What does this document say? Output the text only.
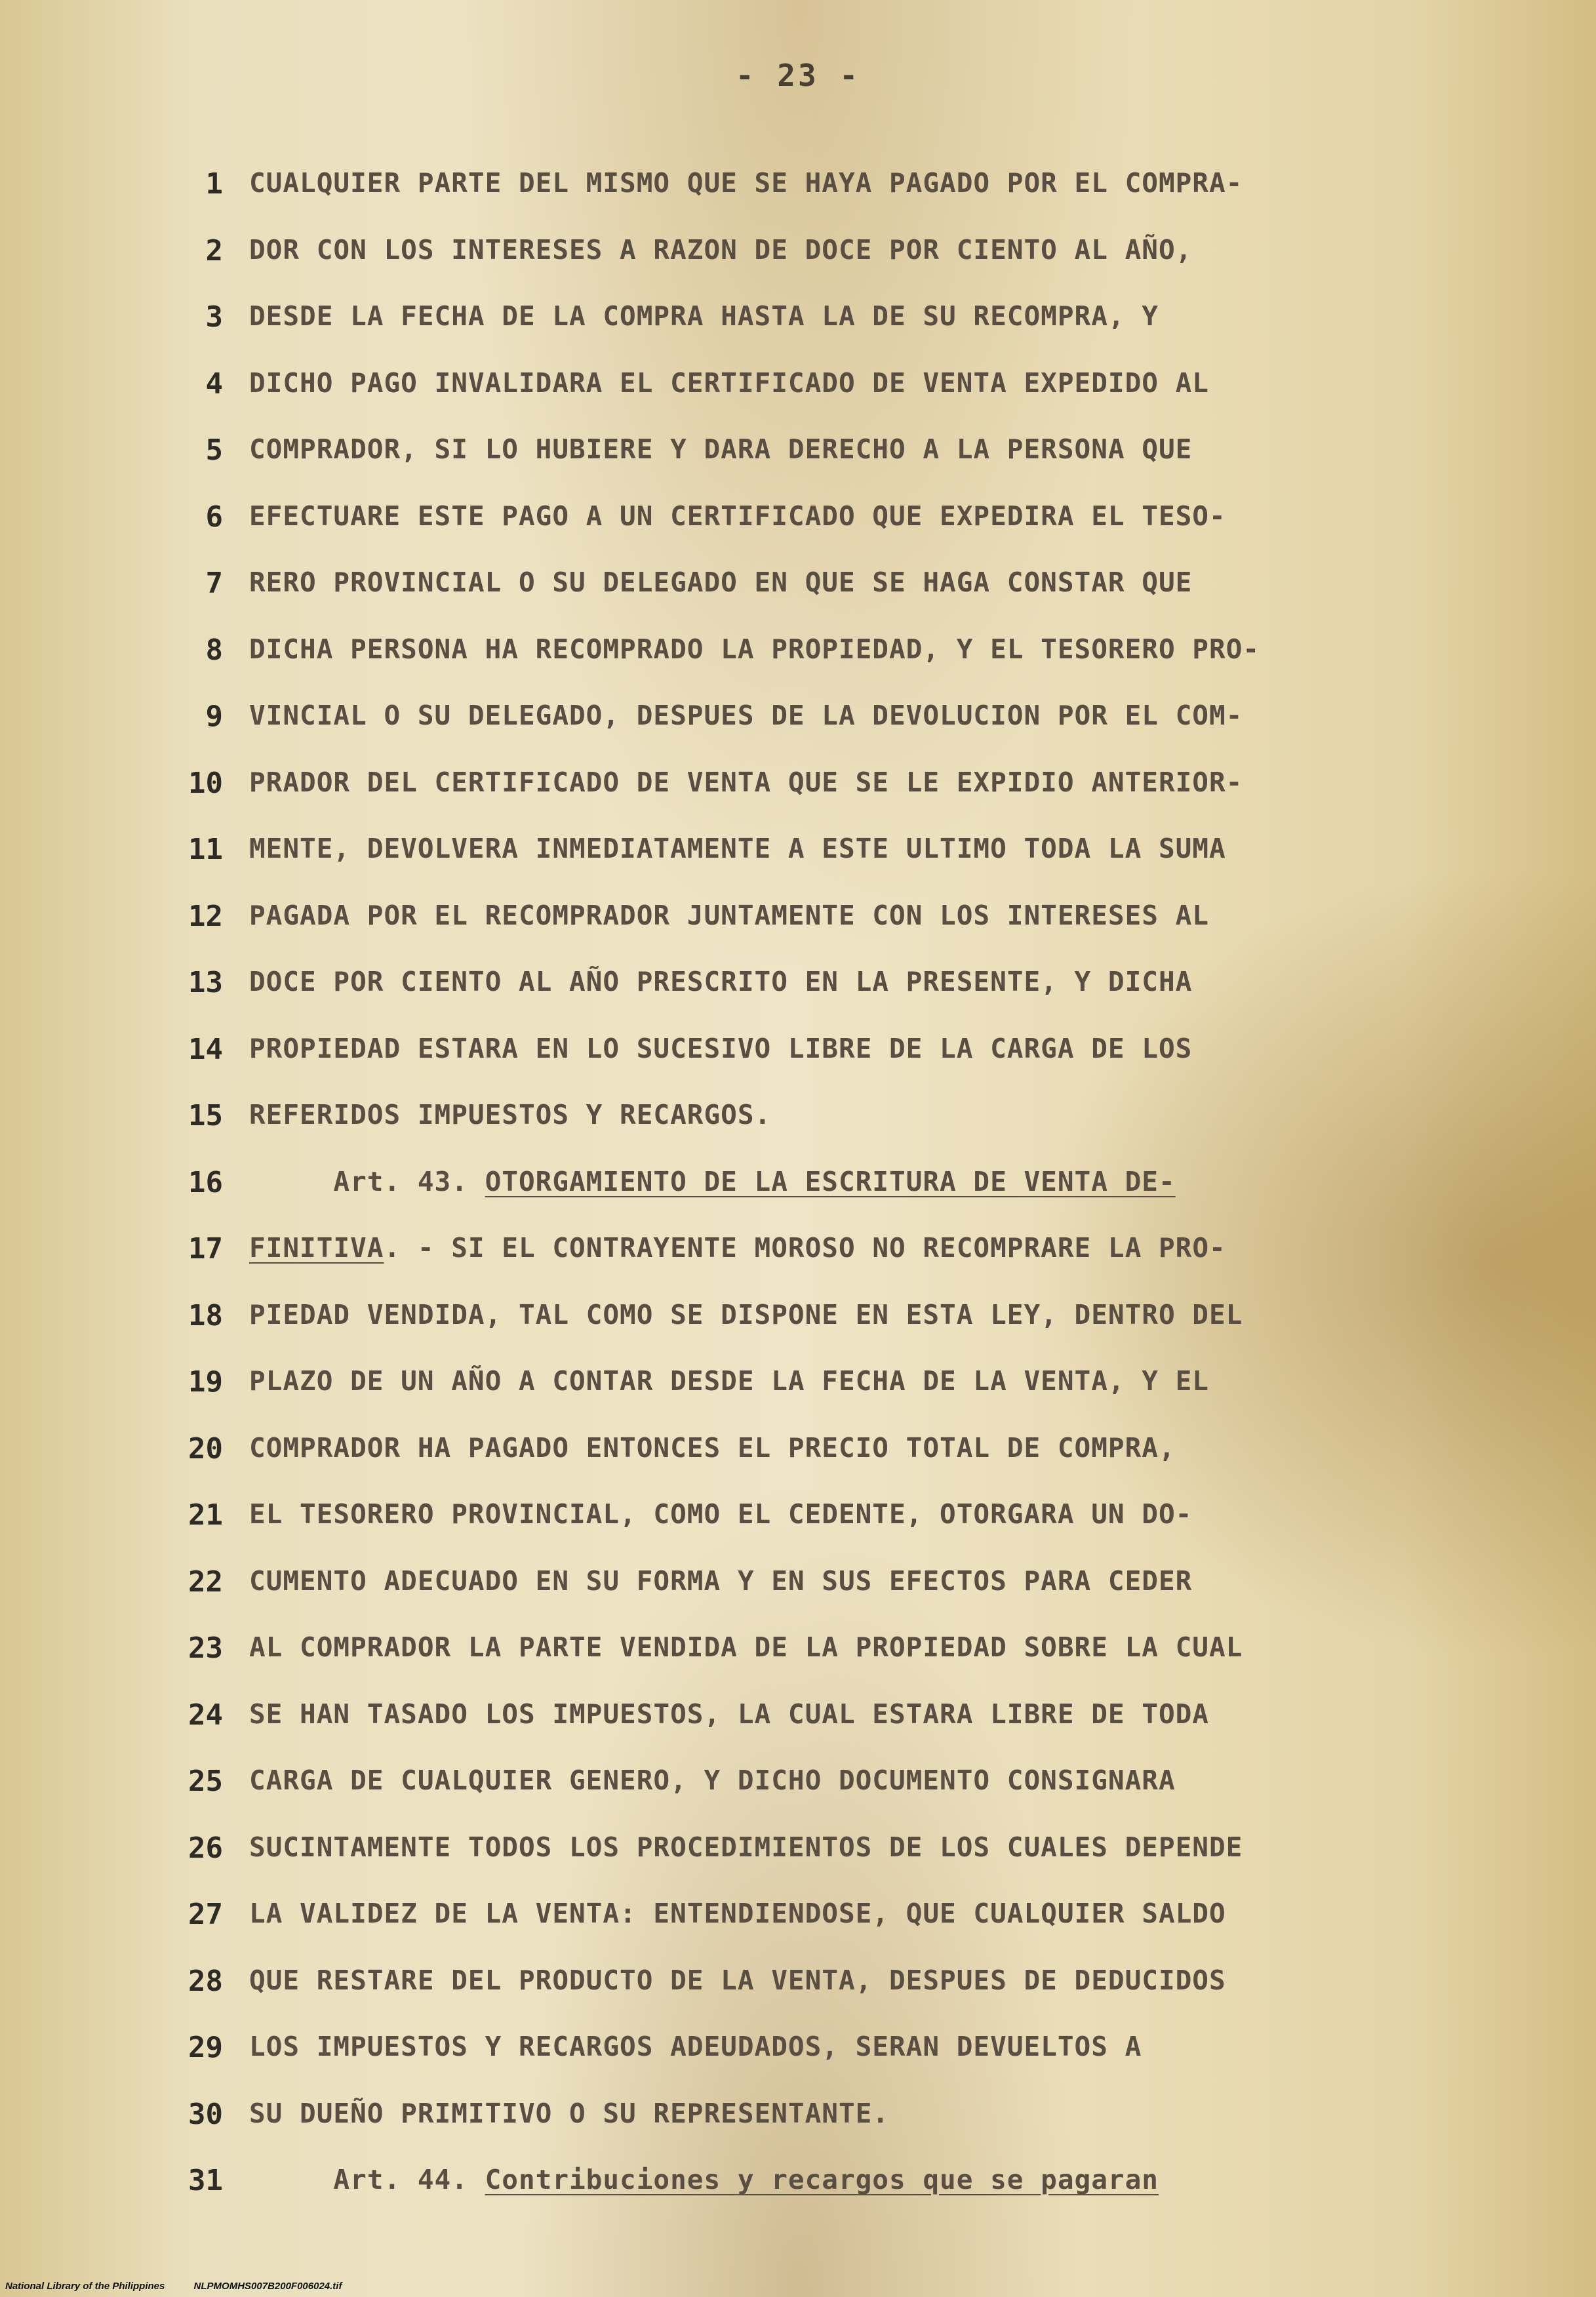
- 23 -
1 CUALQUIER PARTE DEL MISMO QUE SE HAYA PAGADO POR EL COMPRA-
2 DOR CON LOS INTERESES A RAZON DE DOCE POR CIENTO AL AÑO,
3 DESDE LA FECHA DE LA COMPRA HASTA LA DE SU RECOMPRA, Y
4 DICHO PAGO INVALIDARA EL CERTIFICADO DE VENTA EXPEDIDO AL
5 COMPRADOR, SI LO HUBIERE Y DARA DERECHO A LA PERSONA QUE
6 EFECTUARE ESTE PAGO A UN CERTIFICADO QUE EXPEDIRA EL TESO-
7 RERO PROVINCIAL O SU DELEGADO EN QUE SE HAGA CONSTAR QUE
8 DICHA PERSONA HA RECOMPRADO LA PROPIEDAD, Y EL TESORERO PRO-
9 VINCIAL O SU DELEGADO, DESPUES DE LA DEVOLUCION POR EL COM-
10 PRADOR DEL CERTIFICADO DE VENTA QUE SE LE EXPIDIO ANTERIOR-
11 MENTE, DEVOLVERA INMEDIATAMENTE A ESTE ULTIMO TODA LA SUMA
12 PAGADA POR EL RECOMPRADOR JUNTAMENTE CON LOS INTERESES AL
13 DOCE POR CIENTO AL AÑO PRESCRITO EN LA PRESENTE, Y DICHA
14 PROPIEDAD ESTARA EN LO SUCESIVO LIBRE DE LA CARGA DE LOS
15 REFERIDOS IMPUESTOS Y RECARGOS.
16 Art. 43. OTORGAMIENTO DE LA ESCRITURA DE VENTA DE-
17 FINITIVA. - SI EL CONTRAYENTE MOROSO NO RECOMPRARE LA PRO-
18 PIEDAD VENDIDA, TAL COMO SE DISPONE EN ESTA LEY, DENTRO DEL
19 PLAZO DE UN AÑO A CONTAR DESDE LA FECHA DE LA VENTA, Y EL
20 COMPRADOR HA PAGADO ENTONCES EL PRECIO TOTAL DE COMPRA,
21 EL TESORERO PROVINCIAL, COMO EL CEDENTE, OTORGARA UN DO-
22 CUMENTO ADECUADO EN SU FORMA Y EN SUS EFECTOS PARA CEDER
23 AL COMPRADOR LA PARTE VENDIDA DE LA PROPIEDAD SOBRE LA CUAL
24 SE HAN TASADO LOS IMPUESTOS, LA CUAL ESTARA LIBRE DE TODA
25 CARGA DE CUALQUIER GENERO, Y DICHO DOCUMENTO CONSIGNARA
26 SUCINTAMENTE TODOS LOS PROCEDIMIENTOS DE LOS CUALES DEPENDE
27 LA VALIDEZ DE LA VENTA: ENTENDIENDOSE, QUE CUALQUIER SALDO
28 QUE RESTARE DEL PRODUCTO DE LA VENTA, DESPUES DE DEDUCIDOS
29 LOS IMPUESTOS Y RECARGOS ADEUDADOS, SERAN DEVUELTOS A
30 SU DUEÑO PRIMITIVO O SU REPRESENTANTE.
31 Art. 44. Contribuciones y recargos que se pagaran
National Library of the Philippines	NLPMOMHS007B200F006024.tif
